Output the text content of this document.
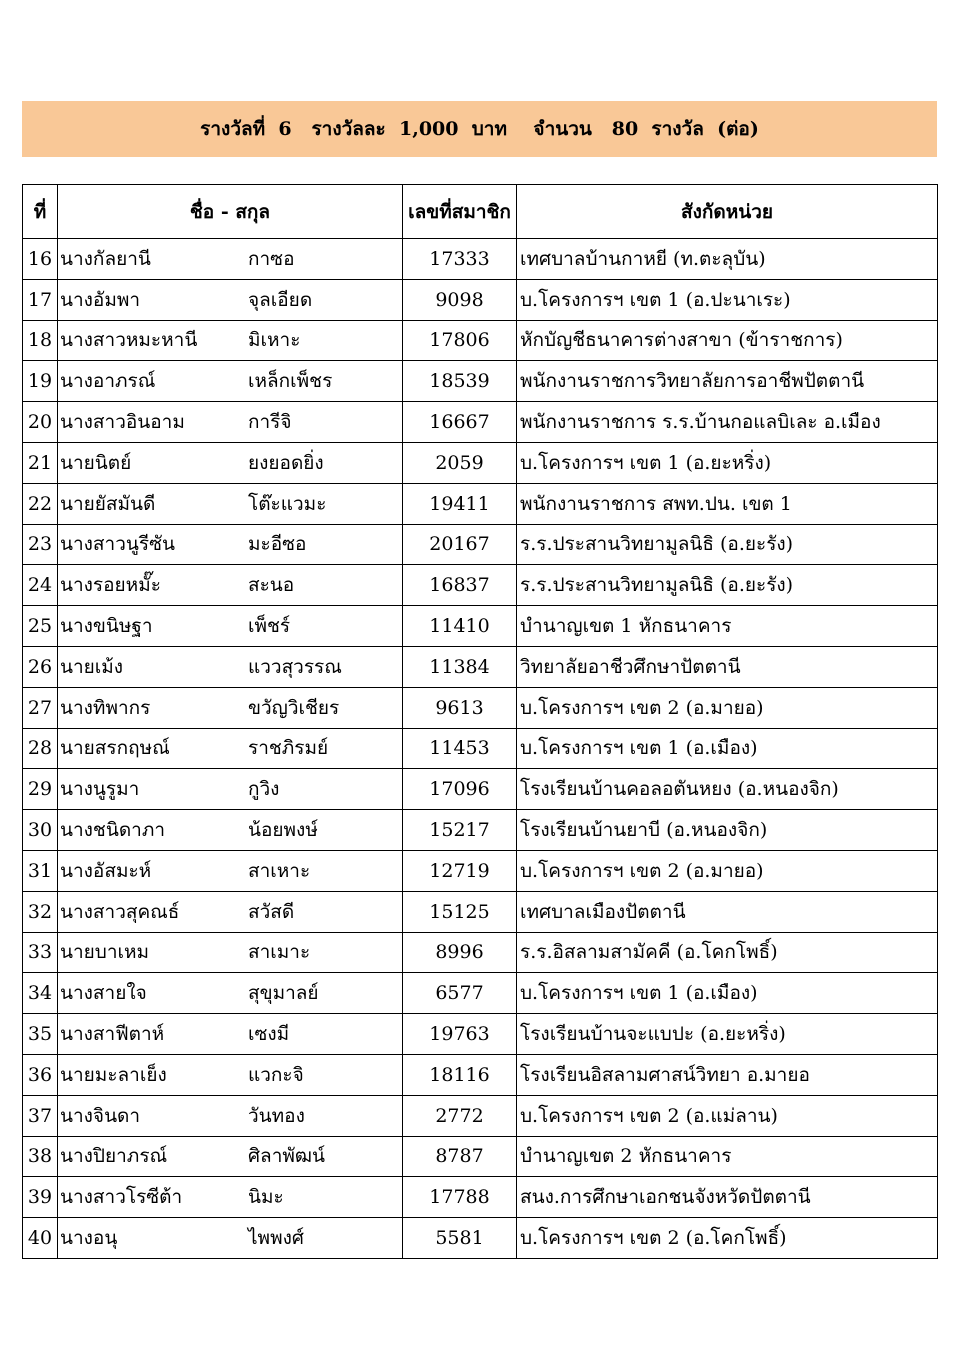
รางวัลที่  6   รางวัลละ  1,000  บาท    จำนวน   80  รางวัล  (ต่อ)
ที่	ชื่อ - สกุล	เลขที่สมาชิก	สังกัดหน่วย
16	นางกัลยานี กาซอ	17333	เทศบาลบ้านกาหยี (ท.ตะลุบัน)
17	นางอัมพา จุลเอียด	9098	บ.โครงการฯ เขต 1 (อ.ปะนาเระ)
18	นางสาวหมะหานี มิเหาะ	17806	หักบัญชีธนาคารต่างสาขา (ข้าราชการ)
19	นางอาภรณ์ เหล็กเพ็ชร	18539	พนักงานราชการวิทยาลัยการอาชีพปัตตานี
20	นางสาวอินอาม การีจิ	16667	พนักงานราชการ ร.ร.บ้านกอแลบิเละ อ.เมือง
21	นายนิตย์ ยงยอดยิ่ง	2059	บ.โครงการฯ เขต 1 (อ.ยะหริ่ง)
22	นายยัสมันดี โต๊ะแวมะ	19411	พนักงานราชการ สพท.ปน. เขต 1
23	นางสาวนูรีซัน มะอีซอ	20167	ร.ร.ประสานวิทยามูลนิธิ (อ.ยะรัง)
24	นางรอยหมั๊ะ สะนอ	16837	ร.ร.ประสานวิทยามูลนิธิ (อ.ยะรัง)
25	นางขนิษฐา เพ็ชร์	11410	บำนาญเขต 1 หักธนาคาร
26	นายเม้ง แววสุวรรณ	11384	วิทยาลัยอาชีวศึกษาปัตตานี
27	นางทิพากร ขวัญวิเชียร	9613	บ.โครงการฯ เขต 2 (อ.มายอ)
28	นายสรกฤษณ์ ราชภิรมย์	11453	บ.โครงการฯ เขต 1 (อ.เมือง)
29	นางนูรูมา กูวิง	17096	โรงเรียนบ้านคอลอตันหยง (อ.หนองจิก)
30	นางชนิดาภา น้อยพงษ์	15217	โรงเรียนบ้านยาบี (อ.หนองจิก)
31	นางอัสมะห์ สาเหาะ	12719	บ.โครงการฯ เขต 2 (อ.มายอ)
32	นางสาวสุคณธ์ สวัสดี	15125	เทศบาลเมืองปัตตานี
33	นายบาเหม สาเมาะ	8996	ร.ร.อิสลามสามัคคี (อ.โคกโพธิ์)
34	นางสายใจ สุขุมาลย์	6577	บ.โครงการฯ เขต 1 (อ.เมือง)
35	นางสาฟีตาห์ เซงมี	19763	โรงเรียนบ้านจะแบปะ (อ.ยะหริ่ง)
36	นายมะลาเย็ง แวกะจิ	18116	โรงเรียนอิสลามศาสน์วิทยา อ.มายอ
37	นางจินดา วันทอง	2772	บ.โครงการฯ เขต 2 (อ.แม่ลาน)
38	นางปิยาภรณ์ ศิลาพัฒน์	8787	บำนาญเขต 2 หักธนาคาร
39	นางสาวโรซีต้า นิมะ	17788	สนง.การศึกษาเอกชนจังหวัดปัตตานี
40	นางอนุ ไพพงศ์	5581	บ.โครงการฯ เขต 2 (อ.โคกโพธิ์)
